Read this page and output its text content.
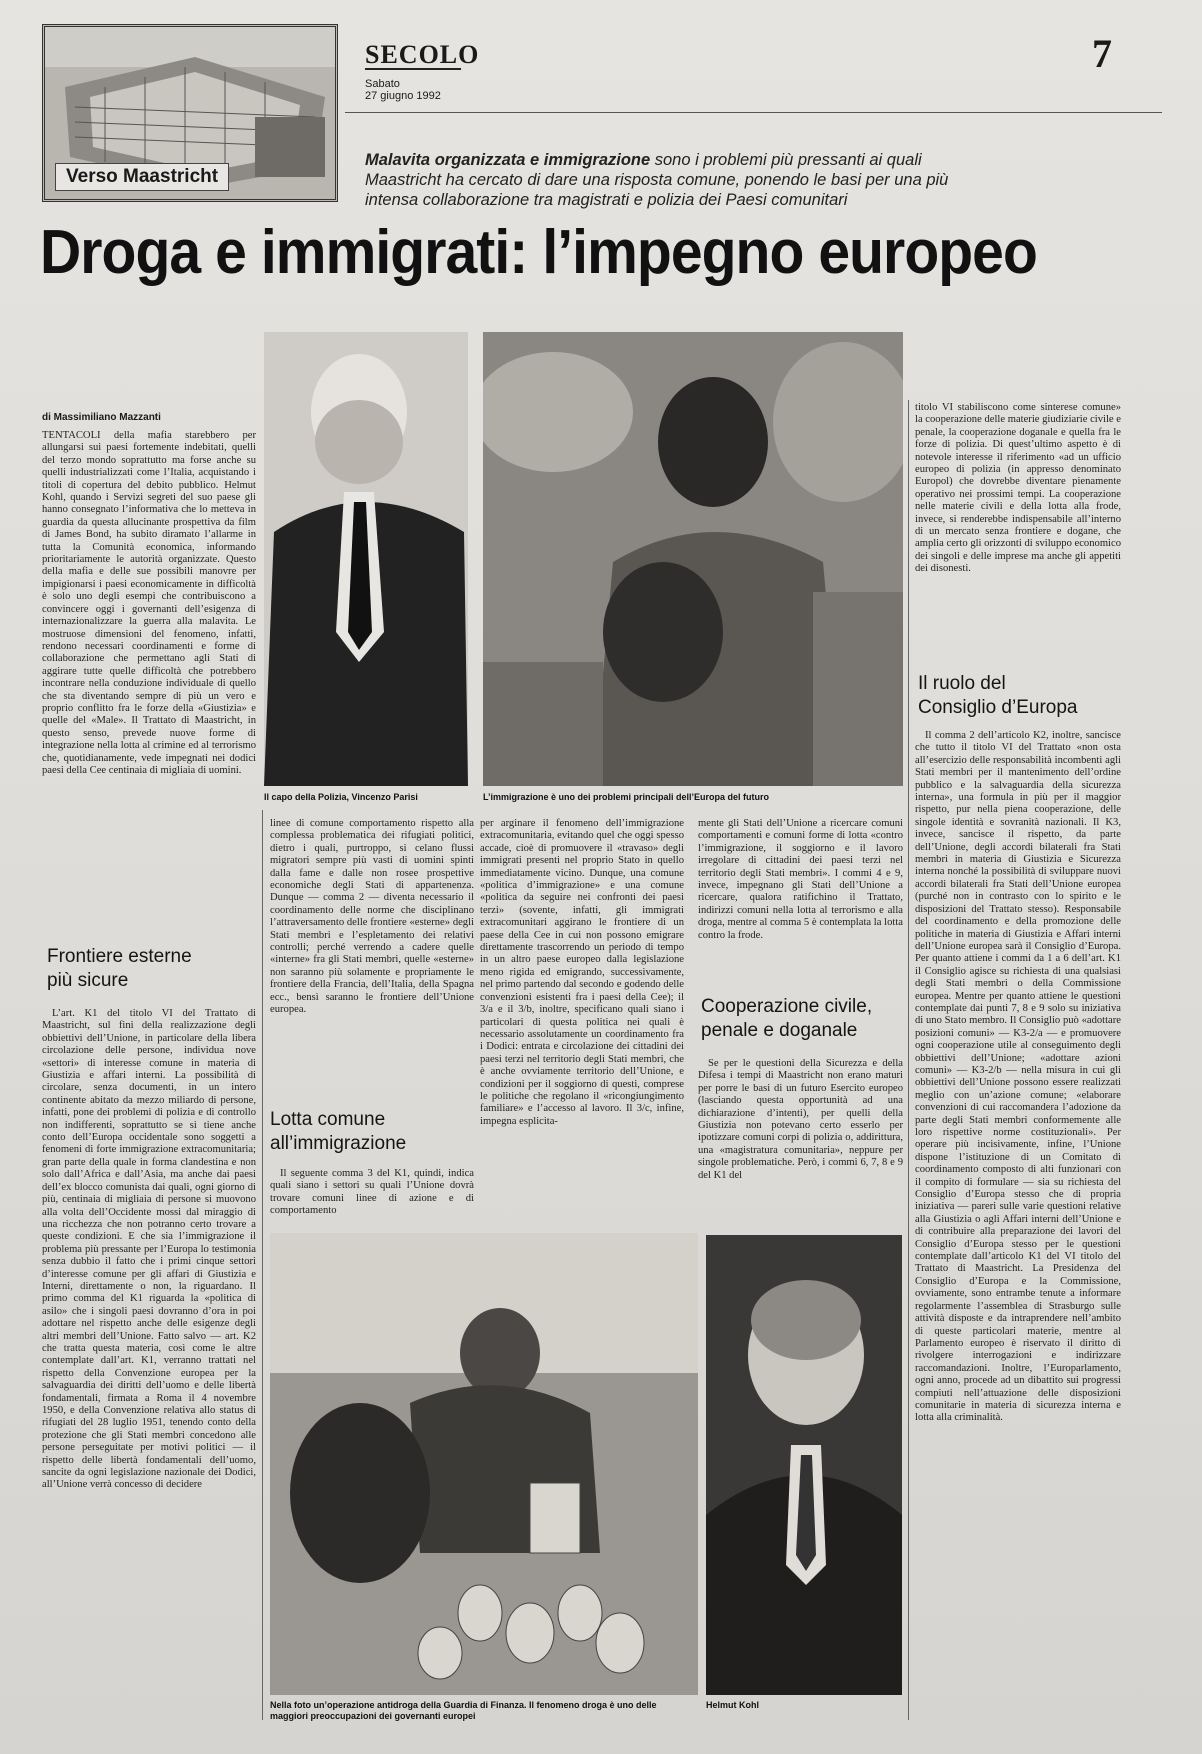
Verso Maastricht
SECOLO
Sabato
27 giugno 1992
7
Malavita organizzata e immigrazione sono i problemi più pressanti ai quali Maastricht ha cercato di dare una risposta comune, ponendo le basi per una più intensa collaborazione tra magistrati e polizia dei Paesi comunitari
Droga e immigrati: l’impegno europeo
Il capo della Polizia, Vincenzo Parisi	L’immigrazione è uno dei problemi principali dell’Europa del futuro
Nella foto un’operazione antidroga della Guardia di Finanza. Il fenomeno droga è uno delle maggiori preoccupazioni dei governanti europei
Helmut Kohl
di Massimiliano Mazzanti

TENTACOLI della mafia starebbero per allungarsi sui paesi fortemente indebitati, quelli del terzo mondo soprattutto ma forse anche su quelli industrializzati come l’Italia, acquistando i titoli di copertura del debito pubblico. Helmut Kohl, quando i Servizi segreti del suo paese gli hanno consegnato l’informativa che lo metteva in guardia da questa allucinante prospettiva da film di James Bond, ha subito diramato l’allarme in tutta la Comunità economica, informando prioritariamente le autorità organizzate. Questo della mafia e delle sue possibili manovre per impigionarsi i paesi economicamente in difficoltà è solo uno degli esempi che contribuiscono a convincere oggi i governanti dell’esigenza di internazionalizzare la guerra alla malavita. Le mostruose dimensioni del fenomeno, infatti, rendono necessari coordinamenti e forme di collaborazione che permettano agli Stati di aggirare tutte quelle difficoltà che potrebbero incontrare nella conduzione individuale di quello che sta diventando sempre di più un vero e proprio conflitto fra le forze della «Giustizia» e quelle del «Male». Il Trattato di Maastricht, in questo senso, prevede nuove forme di integrazione nella lotta al crimine ed al terrorismo che, quotidianamente, vede impegnati nei dodici paesi della Cee centinaia di migliaia di uomini.

Frontiere esterne
più sicure

L’art. K1 del titolo VI del Trattato di Maastricht, sul fini della realizzazione degli obbiettivi dell’Unione, in particolare della libera circolazione delle persone, individua nove «settori» di interesse comune in materia di Giustizia e affari interni. La possibilità di circolare, senza documenti, in un intero continente abitato da mezzo miliardo di persone, infatti, pone dei problemi di polizia e di controllo non indifferenti, soprattutto se si tiene anche conto dell’Europa occidentale sono soggetti a fenomeni di forte immigrazione extracomunitaria; gran parte della quale in forma clandestina e non solo dall’Africa e dall’Asia, ma anche dai paesi dell’ex blocco comunista dai quali, ogni giorno di più, centinaia di migliaia di persone si muovono alla volta dell’Occidente mossi dal miraggio di una ricchezza che non potranno certo trovare a queste condizioni. E che sia l’immigrazione il problema più pressante per l’Europa lo testimonia senza dubbio il fatto che i primi cinque settori d’interesse comune per gli affari di Giustizia e Interni, direttamente o non, la riguardano. Il primo comma del K1 riguarda la «politica di asilo» che i singoli paesi dovranno d’ora in poi adottare nel rispetto anche delle esigenze degli altri membri dell’Unione. Fatto salvo — art. K2 che tratta questa materia, così come le altre contemplate dall’art. K1, verranno trattati nel rispetto della Convenzione europea per la salvaguardia dei diritti dell’uomo e delle libertà fondamentali, firmata a Roma il 4 novembre 1950, e della Convenzione relativa allo status di rifugiati del 28 luglio 1951, tenendo conto della protezione che gli Stati membri concedono alle persone perseguitate per motivi politici — il rispetto delle libertà fondamentali dell’uomo, sancite da ogni legislazione nazionale dei Dodici, all’Unione verrà concesso di decidere

linee di comune comportamento rispetto alla complessa problematica dei rifugiati politici, dietro i quali, purtroppo, si celano flussi migratori sempre più vasti di uomini spinti dalla fame e dalle non rosee prospettive economiche degli Stati di appartenenza. Dunque — comma 2 — diventa necessario il coordinamento delle norme che disciplinano l’attraversamento delle frontiere «esterne» degli Stati membri e l’espletamento dei relativi controlli; perché verrendo a cadere quelle «interne» fra gli Stati membri, quelle «esterne» non saranno più solamente e propriamente le frontiere della Francia, dell’Italia, della Spagna ecc., bensì saranno le frontiere dell’Unione europea.

Lotta comune
all’immigrazione

Il seguente comma 3 del K1, quindi, indica quali siano i settori su quali l’Unione dovrà trovare comuni linee di azione e di comportamento

per arginare il fenomeno dell’immigrazione extracomunitaria, evitando quel che oggi spesso accade, cioè di promuovere il «travaso» degli immigrati presenti nel proprio Stato in quello immediatamente vicino. Dunque, una comune «politica d’immigrazione» e una comune «politica da seguire nei confronti dei paesi terzi» (sovente, infatti, gli immigrati extracomunitari aggirano le frontiere di un paese della Cee in cui non possono emigrare direttamente trascorrendo un periodo di tempo in un altro paese europeo dalla legislazione meno rigida ed emigrando, successivamente, nel primo partendo dal secondo e godendo delle convenzioni esistenti fra i paesi della Cee); il 3/a e il 3/b, inoltre, specificano quali siano i particolari di questa politica nei quali è necessario assolutamente un coordinamento fra i Dodici: entrata e circolazione dei cittadini dei paesi terzi nel territorio degli Stati membri, che è anche ovviamente territorio dell’Unione, e condizioni per il soggiorno di questi, comprese le politiche che regolano il «ricongiungimento familiare» e l’accesso al lavoro. Il 3/c, infine, impegna esplicita-

mente gli Stati dell’Unione a ricercare comuni comportamenti e comuni forme di lotta «contro l’immigrazione, il soggiorno e il lavoro irregolare di cittadini dei paesi terzi nel territorio degli Stati membri». I commi 4 e 9, invece, impegnano gli Stati dell’Unione a ricercare, qualora ratifichino il Trattato, indirizzi comuni nella lotta al terrorismo e alla droga, mentre al comma 5 è contemplata la lotta contro la frode.

Cooperazione civile,
penale e doganale

Se per le questioni della Sicurezza e della Difesa i tempi di Maastricht non erano maturi per porre le basi di un futuro Esercito europeo (lasciando questa opportunità ad una dichiarazione d’intenti), per quelli della Giustizia non potevano certo esserlo per ipotizzare comuni corpi di polizia o, addirittura, una «magistratura comunitaria», neppure per singole problematiche. Però, i commi 6, 7, 8 e 9 del K1 del

titolo VI stabiliscono come sinterese comune» la cooperazione delle materie giudiziarie civile e penale, la cooperazione doganale e quella fra le forze di polizia. Di quest’ultimo aspetto è di notevole interesse il riferimento «ad un ufficio europeo di polizia (in appresso denominato Europol) che dovrebbe diventare pienamente operativo nei prossimi tempi. La cooperazione nelle materie civili e della lotta alla frode, invece, si renderebbe indispensabile all’interno di un mercato senza frontiere e dogane, che amplia certo gli orizzonti di sviluppo economico dei singoli e delle imprese ma anche gli appetiti dei disonesti.

Il ruolo del
Consiglio d’Europa

Il comma 2 dell’articolo K2, inoltre, sancisce che tutto il titolo VI del Trattato «non osta all’esercizio delle responsabilità incombenti agli Stati membri per il mantenimento dell’ordine pubblico e la salvaguardia della sicurezza interna», una formula in più per il maggior rispetto, pur nella piena cooperazione, delle singole identità e sovranità nazionali. Il K3, invece, sancisce il rispetto, da parte dell’Unione, degli accordi bilaterali fra Stati membri in materia di Giustizia e Sicurezza interna nonché la possibilità di sviluppare nuovi accordi bilaterali fra Stati dell’Unione europea (purché non in contrasto con lo spirito e le disposizioni del Trattato stesso). Responsabile del coordinamento e della promozione delle politiche in materia di Giustizia e Affari interni dell’Unione europea sarà il Consiglio d’Europa. Per quanto attiene i commi da 1 a 6 dell’art. K1 il Consiglio agisce su richiesta di una qualsiasi degli Stati membri o della Commissione europea. Mentre per quanto attiene le questioni contemplate dai punti 7, 8 e 9 solo su iniziativa di uno Stato membro. Il Consiglio può «adottare posizioni comuni» — K3-2/a — e promuovere ogni cooperazione utile al conseguimento degli obbiettivi dell’Unione; «adottare azioni comuni» — K3-2/b — nella misura in cui gli obbiettivi dell’Unione possono essere realizzati meglio con un’azione comune; «elaborare convenzioni di cui raccomandera l’adozione da parte degli Stati membri conformemente alle loro rispettive norme costituzionali». Per operare più incisivamente, infine, l’Unione dispone l’istituzione di un Comitato di coordinamento composto di alti funzionari con il compito di formulare — sia su richiesta del Consiglio d’Europa stesso che di propria iniziativa — pareri sulle varie questioni relative alla Giustizia o agli Affari interni dell’Unione e di contribuire alla preparazione dei lavori del Consiglio d’Europa stesso per le questioni contemplate dall’articolo K1 del VI titolo del Trattato di Maastricht. La Presidenza del Consiglio d’Europa e la Commissione, ovviamente, sono entrambe tenute a informare regolarmente l’assemblea di Strasburgo sulle attività disposte e da intraprendere nell’ambito di queste particolari materie, mentre al Parlamento europeo è riservato il diritto di rivolgere interrogazioni e indirizzare raccomandazioni. Inoltre, l’Europarlamento, ogni anno, procede ad un dibattito sui progressi compiuti nell’attuazione delle disposizioni comunitarie in materia di sicurezza interna e lotta alla criminalità.
